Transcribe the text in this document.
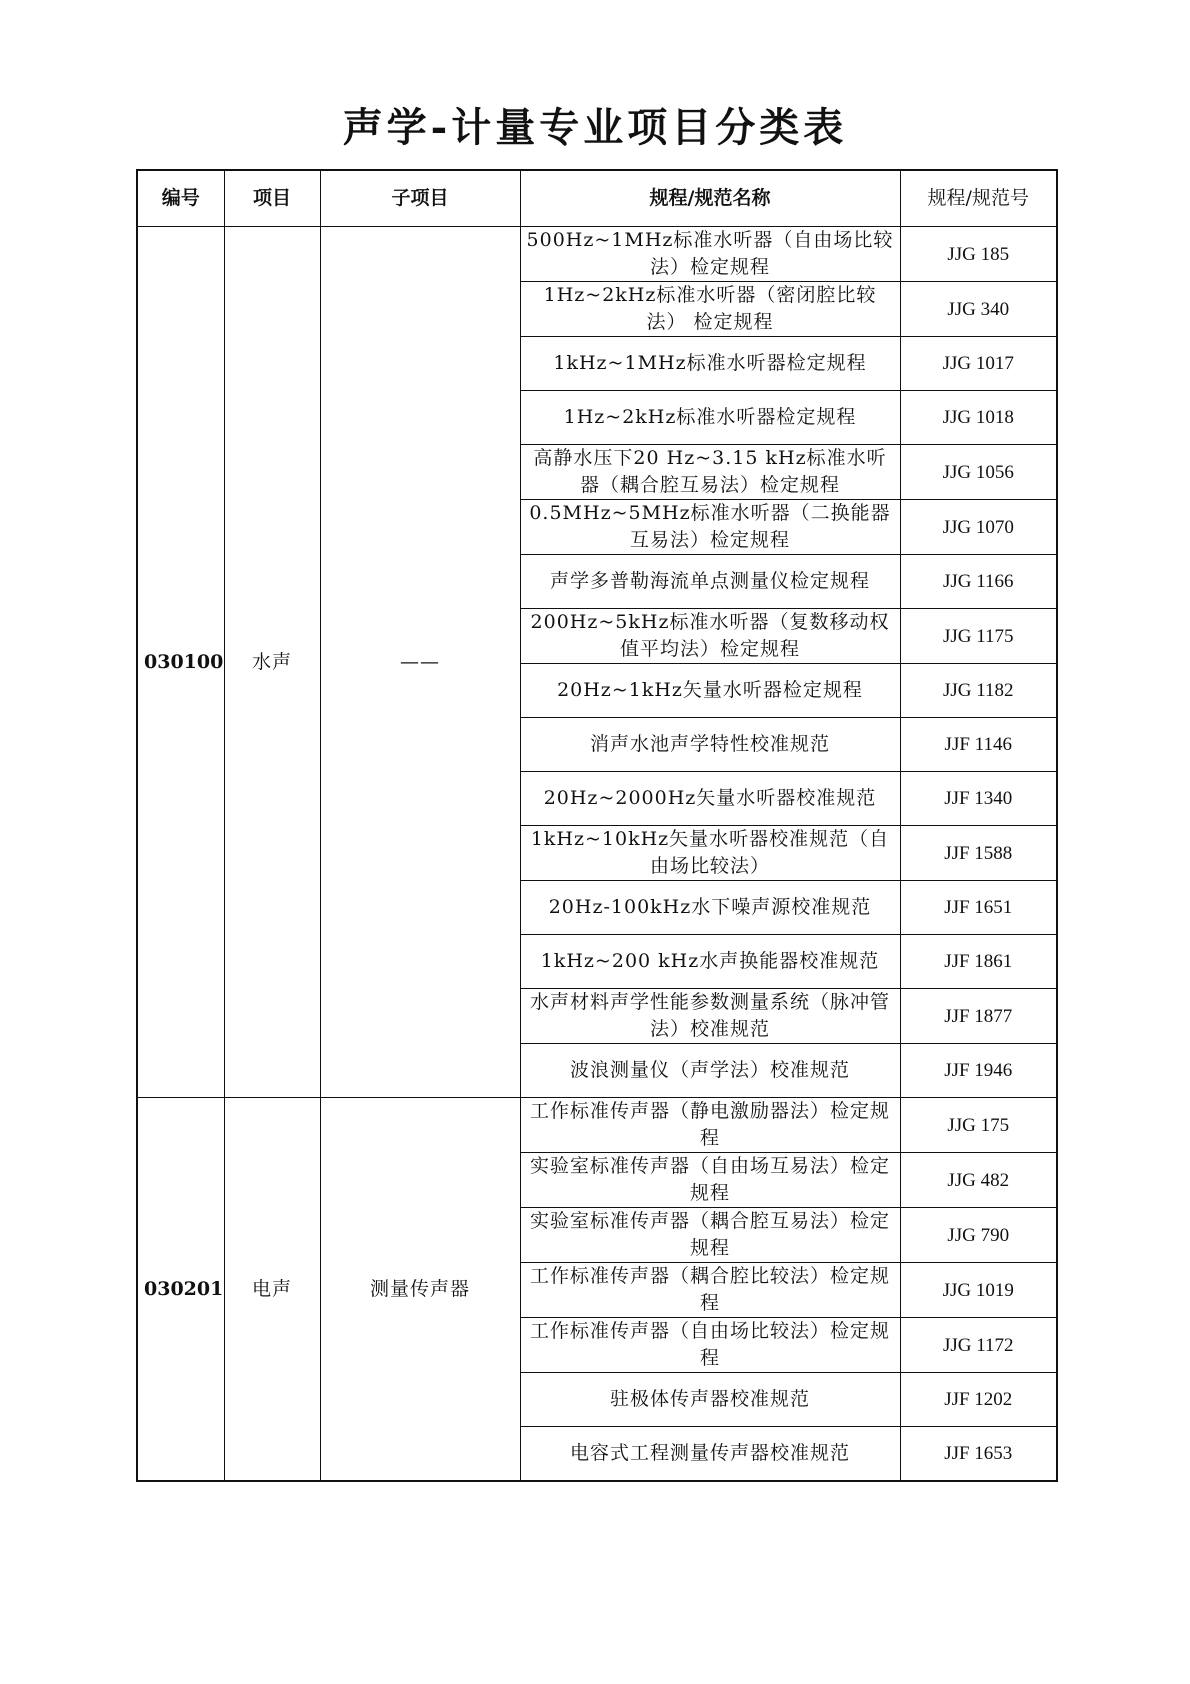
声学-计量专业项目分类表
编号	项目	子项目	规程/规范名称	规程/规范号
030100	水声	——	500Hz~1MHz标准水听器（自由场比较法）检定规程	JJG 185
			1Hz~2kHz标准水听器（密闭腔比较法） 检定规程	JJG 340
			1kHz~1MHz标准水听器检定规程	JJG 1017
			1Hz~2kHz标准水听器检定规程	JJG 1018
			高静水压下20 Hz~3.15 kHz标准水听器（耦合腔互易法）检定规程	JJG 1056
			0.5MHz~5MHz标准水听器（二换能器互易法）检定规程	JJG 1070
			声学多普勒海流单点测量仪检定规程	JJG 1166
			200Hz~5kHz标准水听器（复数移动权值平均法）检定规程	JJG 1175
			20Hz~1kHz矢量水听器检定规程	JJG 1182
			消声水池声学特性校准规范	JJF 1146
			20Hz~2000Hz矢量水听器校准规范	JJF 1340
			1kHz~10kHz矢量水听器校准规范（自由场比较法）	JJF 1588
			20Hz-100kHz水下噪声源校准规范	JJF 1651
			1kHz~200 kHz水声换能器校准规范	JJF 1861
			水声材料声学性能参数测量系统（脉冲管法）校准规范	JJF 1877
			波浪测量仪（声学法）校准规范	JJF 1946
030201	电声	测量传声器	工作标准传声器（静电激励器法）检定规程	JJG 175
			实验室标准传声器（自由场互易法）检定规程	JJG 482
			实验室标准传声器（耦合腔互易法）检定规程	JJG 790
			工作标准传声器（耦合腔比较法）检定规程	JJG 1019
			工作标准传声器（自由场比较法）检定规程	JJG 1172
			驻极体传声器校准规范	JJF 1202
			电容式工程测量传声器校准规范	JJF 1653
